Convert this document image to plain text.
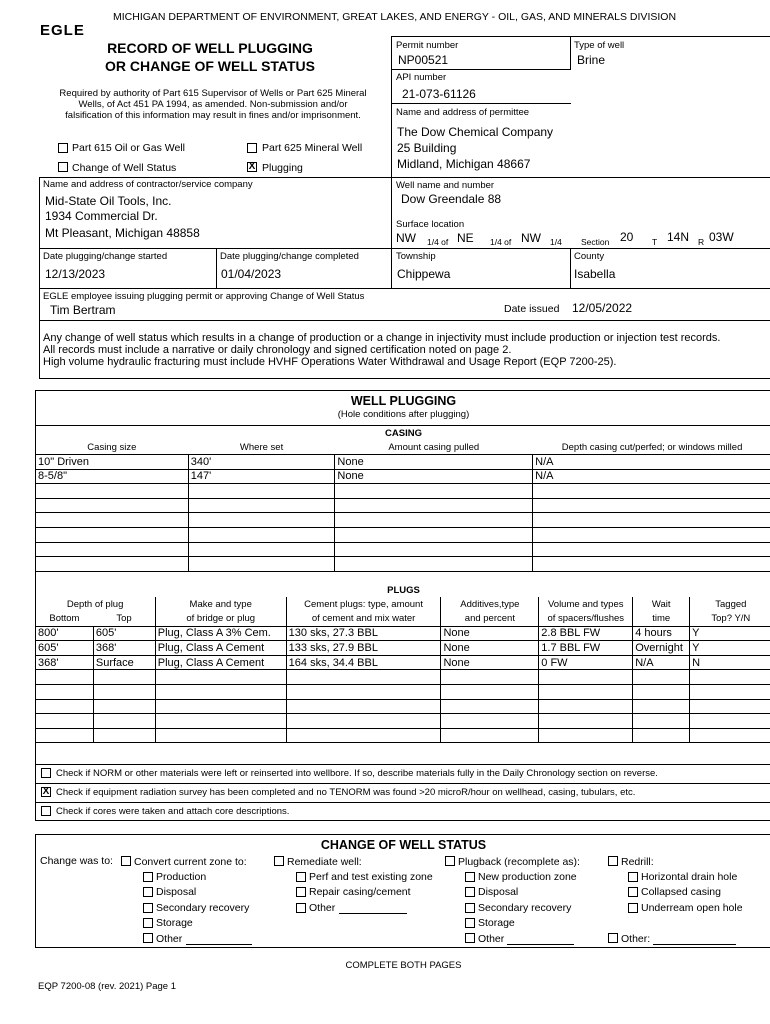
MICHIGAN DEPARTMENT OF ENVIRONMENT, GREAT LAKES, AND ENERGY - OIL, GAS, AND MINERALS DIVISION
EGLE
RECORD OF WELL PLUGGING
OR CHANGE OF WELL STATUS
Required by authority of Part 615 Supervisor of Wells or Part 625 Mineral
Wells, of Act 451 PA 1994, as amended. Non-submission and/or
falsification of this information may result in fines and/or imprisonment.
Part 615 Oil or Gas Well	Part 625 Mineral Well
Change of Well Status	X Plugging
Permit number
NP00521
Type of well
Brine
API number
21-073-61126
Name and address of permittee
The Dow Chemical Company
25 Building
Midland, Michigan 48667
Name and address of contractor/service company
Mid-State Oil Tools, Inc.
1934 Commercial Dr.
Mt Pleasant, Michigan 48858
Well name and number
Dow Greendale 88
Surface location
NW 1/4 of NE 1/4 of NW 1/4 Section 20 T 14N R 03W
Date plugging/change started
12/13/2023
Date plugging/change completed
01/04/2023
Township
Chippewa
County
Isabella
EGLE employee issuing plugging permit or approving Change of Well Status
Tim Bertram	Date issued 12/05/2022
Any change of well status which results in a change of production or a change in injectivity must include production or injection test records.
All records must include a narrative or daily chronology and signed certification noted on page 2.
High volume hydraulic fracturing must include HVHF Operations Water Withdrawal and Usage Report (EQP 7200-25).
WELL PLUGGING
(Hole conditions after plugging)
CASING
Casing size	Where set	Amount casing pulled	Depth casing cut/perfed; or windows milled
10" Driven	340'	None	N/A
8-5/8"	147'	None	N/A

PLUGS
Depth of plug		Make and type	Cement plugs: type, amount	Additives,type	Volume and types	Wait	Tagged
Bottom	Top	of bridge or plug	of cement and mix water	and percent	of spacers/flushes	time	Top? Y/N
800'	605'	Plug, Class A 3% Cem.	130 sks, 27.3 BBL	None	2.8 BBL FW	4 hours	Y
605'	368'	Plug, Class A Cement	133 sks, 27.9 BBL	None	1.7 BBL FW	Overnight	Y
368'	Surface	Plug, Class A Cement	164 sks, 34.4 BBL	None	0 FW	N/A	N

Check if NORM or other materials were left or reinserted into wellbore. If so, describe materials fully in the Daily Chronology section on reverse.
X Check if equipment radiation survey has been completed and no TENORM was found >20 microR/hour on wellhead, casing, tubulars, etc.
Check if cores were taken and attach core descriptions.
CHANGE OF WELL STATUS
Change was to: Convert current zone to:
Production
Disposal
Secondary recovery
Storage
Other
Remediate well:
Perf and test existing zone
Repair casing/cement
Other
Plugback (recomplete as):
New production zone
Disposal
Secondary recovery
Storage
Other
Redrill:
Horizontal drain hole
Collapsed casing
Underream open hole
Other:
COMPLETE BOTH PAGES
EQP 7200-08 (rev. 2021) Page 1
